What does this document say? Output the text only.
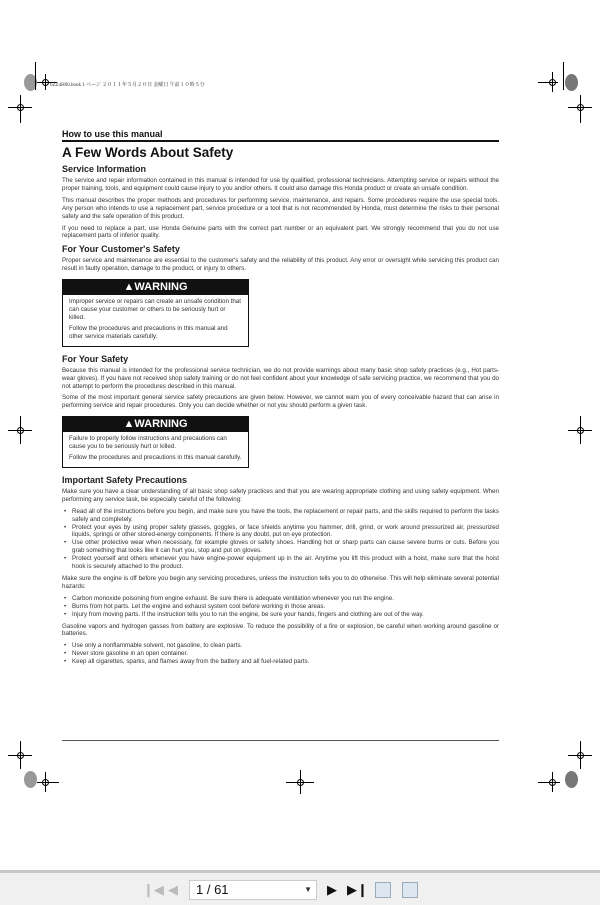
6ZZ4H00.book 1 ページ ２０１１年５月２０日 金曜日 午前１０時５分
How to use this manual
A Few Words About Safety
Service Information

The service and repair information contained in this manual is intended for use by qualified, professional technicians. Attempting service or repairs without the proper training, tools, and equipment could cause injury to you and/or others. It could also damage this Honda product or create an unsafe condition.

This manual describes the proper methods and procedures for performing service, maintenance, and repairs. Some procedures require the use special tools. Any person who intends to use a replacement part, service procedure or a tool that is not recommended by Honda, must determine the risks to their personal safety and the safe operation of this product.

If you need to replace a part, use Honda Genuine parts with the correct part number or an equivalent part. We strongly recommend that you do not use replacement parts of inferior quality.

For Your Customer's Safety

Proper service and maintenance are essential to the customer's safety and the reliability of this product. Any error or oversight while servicing this product can result in faulty operation, damage to the product, or injury to others.

▲WARNING

Improper service or repairs can create an unsafe condition that can cause your customer or others to be seriously hurt or killed.

Follow the procedures and precautions in this manual and other service materials carefully.

For Your Safety

Because this manual is intended for the professional service technician, we do not provide warnings about many basic shop safety practices (e.g., Hot parts-wear gloves). If you have not received shop safety training or do not feel confident about your knowledge of safe servicing practice, we recommend that you do not attempt to perform the procedures described in this manual.

Some of the most important general service safety precautions are given below. However, we cannot warn you of every conceivable hazard that can arise in performing service and repair procedures. Only you can decide whether or not you should perform a given task.

▲WARNING

Failure to properly follow instructions and precautions can cause you to be seriously hurt or killed.

Follow the procedures and precautions in this manual carefully.

Important Safety Precautions

Make sure you have a clear understanding of all basic shop safety practices and that you are wearing appropriate clothing and using safety equipment. When performing any service task, be especially careful of the following:

• Read all of the instructions before you begin, and make sure you have the tools, the replacement or repair parts, and the skills required to perform the tasks safely and completely.
• Protect your eyes by using proper safety glasses, goggles, or face shields anytime you hammer, drill, grind, or work around pressurized air, pressurized liquids, springs or other stored-energy components. If there is any doubt, put on eye protection.
• Use other protective wear when necessary, for example gloves or safety shoes. Handling hot or sharp parts can cause severe burns or cuts. Before you grab something that looks like it can hurt you, stop and put on gloves.
• Protect yourself and others whenever you have engine-power equipment up in the air. Anytime you lift this product with a hoist, make sure that the hoist hook is securely attached to the product.

Make sure the engine is off before you begin any servicing procedures, unless the instruction tells you to do otherwise. This will help eliminate several potential hazards:

• Carbon monoxide poisoning from engine exhaust. Be sure there is adequate ventilation whenever you run the engine.
• Burns from hot parts. Let the engine and exhaust system cool before working in those areas.
• Injury from moving parts. If the instruction tells you to run the engine, be sure your hands, fingers and clothing are out of the way.

Gasoline vapors and hydrogen gasses from battery are explosive. To reduce the possibility of a fire or explosion, be careful when working around gasoline or batteries.

• Use only a nonflammable solvent, not gasoline, to clean parts.
• Never store gasoline in an open container.
• Keep all cigarettes, sparks, and flames away from the battery and all fuel-related parts.
❙◀ ◀	1 / 61	▼ ▶ ▶❙
